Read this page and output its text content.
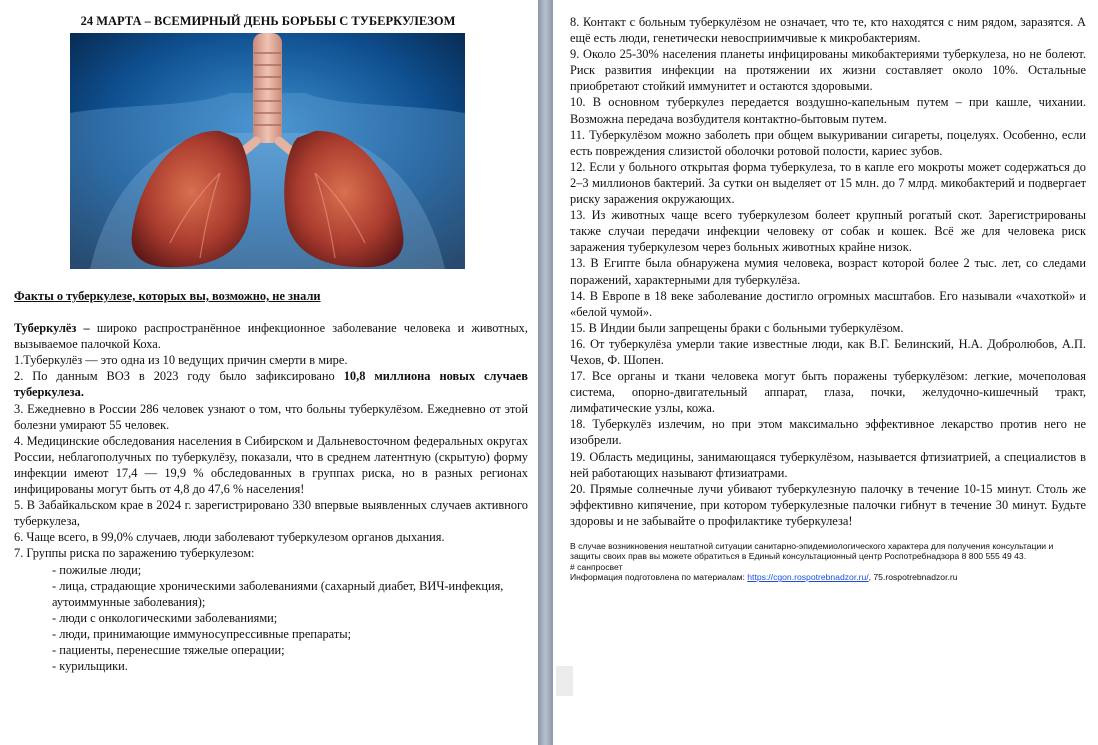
24 МАРТА – ВСЕМИРНЫЙ ДЕНЬ БОРЬБЫ С ТУБЕРКУЛЕЗОМ

Факты о туберкулезе, которых вы, возможно, не знали

Туберкулёз – широко распространённое инфекционное заболевание человека и животных, вызываемое палочкой Коха.

1.Туберкулёз — это одна из 10 ведущих причин смерти в мире.

2. По данным ВОЗ в 2023 году было зафиксировано 10,8 миллиона новых случаев туберкулеза.

3. Ежедневно в России 286 человек узнают о том, что больны туберкулёзом. Ежедневно от этой болезни умирают 55 человек.

4. Медицинские обследования населения в Сибирском и Дальневосточном федеральных округах России, неблагополучных по туберкулёзу, показали, что в среднем латентную (скрытую) форму инфекции имеют 17,4 — 19,9 % обследованных в группах риска, но в разных регионах инфицированы могут быть от 4,8 до 47,6 % населения!

5. В Забайкальском крае в 2024 г. зарегистрировано 330 впервые выявленных случаев активного туберкулеза,

6. Чаще всего, в 99,0% случаев, люди заболевают туберкулезом органов дыхания.

7. Группы риска по заражению туберкулезом:

- пожилые люди;

- лица, страдающие хроническими заболеваниями (сахарный диабет, ВИЧ-инфекция, аутоиммунные заболевания);

- люди с онкологическими заболеваниями;

- люди, принимающие иммуносупрессивные препараты;

- пациенты, перенесшие тяжелые операции;

- курильщики.

8. Контакт с больным туберкулёзом не означает, что те, кто находятся с ним рядом, заразятся. А ещё есть люди, генетически невосприимчивые к микробактериям.

9. Около 25-30% населения планеты инфицированы микобактериями туберкулеза, но не болеют. Риск развития инфекции на протяжении их жизни составляет около 10%. Остальные приобретают стойкий иммунитет и остаются здоровыми.

10. В основном туберкулез передается воздушно-капельным путем – при кашле, чихании. Возможна передача возбудителя контактно-бытовым путем.

11. Туберкулёзом можно заболеть при общем выкуривании сигареты, поцелуях. Особенно, если есть повреждения слизистой оболочки ротовой полости, кариес зубов.

12. Если у больного открытая форма туберкулеза, то в капле его мокроты может содержаться до 2–3 миллионов бактерий. За сутки он выделяет от 15 млн. до 7 млрд. микобактерий и подвергает риску заражения окружающих.

13. Из животных чаще всего туберкулезом болеет крупный рогатый скот. Зарегистрированы также случаи передачи инфекции человеку от собак и кошек. Всё же для человека риск заражения туберкулезом через больных животных крайне низок.

13. В Египте была обнаружена мумия человека, возраст которой более 2 тыс. лет, со следами поражений, характерными для туберкулёза.

14. В Европе в 18 веке заболевание достигло огромных масштабов. Его называли «чахоткой» и «белой чумой».

15. В Индии были запрещены браки с больными туберкулёзом.

16. От туберкулёза умерли такие известные люди, как В.Г. Белинский, Н.А. Добролюбов, А.П. Чехов, Ф. Шопен.

17. Все органы и ткани человека могут быть поражены туберкулёзом: легкие, мочеполовая система, опорно-двигательный аппарат, глаза, почки, желудочно-кишечный тракт, лимфатические узлы, кожа.

18. Туберкулёз излечим, но при этом максимально эффективное лекарство против него не изобрели.

19. Область медицины, занимающаяся туберкулёзом, называется фтизиатрией, а специалистов в ней работающих называют фтизиатрами.

20. Прямые солнечные лучи убивают туберкулезную палочку в течение 10-15 минут. Столь же эффективно кипячение, при котором туберкулезные палочки гибнут в течение 30 минут. Будьте здоровы и не забывайте о профилактике туберкулеза!

В случае возникновения нештатной ситуации санитарно-эпидемиологического характера для получения консультации и защиты своих прав вы можете обратиться в Единый консультационный центр Роспотребнадзора 8 800 555 49 43.

# санпросвет

Информация подготовлена по материалам: https://cgon.rospotrebnadzor.ru/, 75.rospotrebnadzor.ru
